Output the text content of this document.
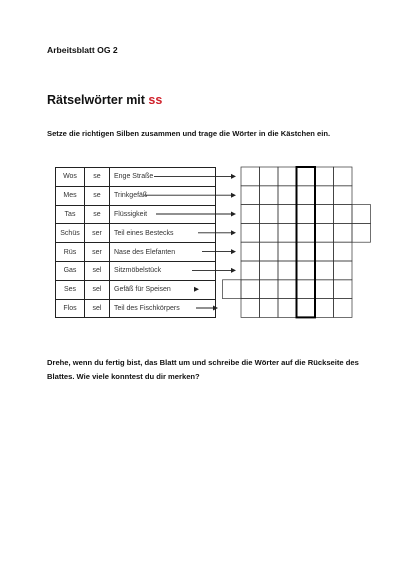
Arbeitsblatt OG 2
Rätselwörter mit ss
Setze die richtigen Silben zusammen und trage die Wörter in die Kästchen ein.
Wos	se	Enge Straße
Mes	se	Trinkgefäß
Tas	se	Flüssigkeit
Schüs	ser	Teil eines Bestecks
Rüs	ser	Nase des Elefanten
Gas	sel	Sitzmöbelstück
Ses	sel	Gefäß für Speisen
Flos	sel	Teil des Fischkörpers
Drehe, wenn du fertig bist, das Blatt um und schreibe die Wörter auf die Rückseite des Blattes. Wie viele konntest du dir merken?
